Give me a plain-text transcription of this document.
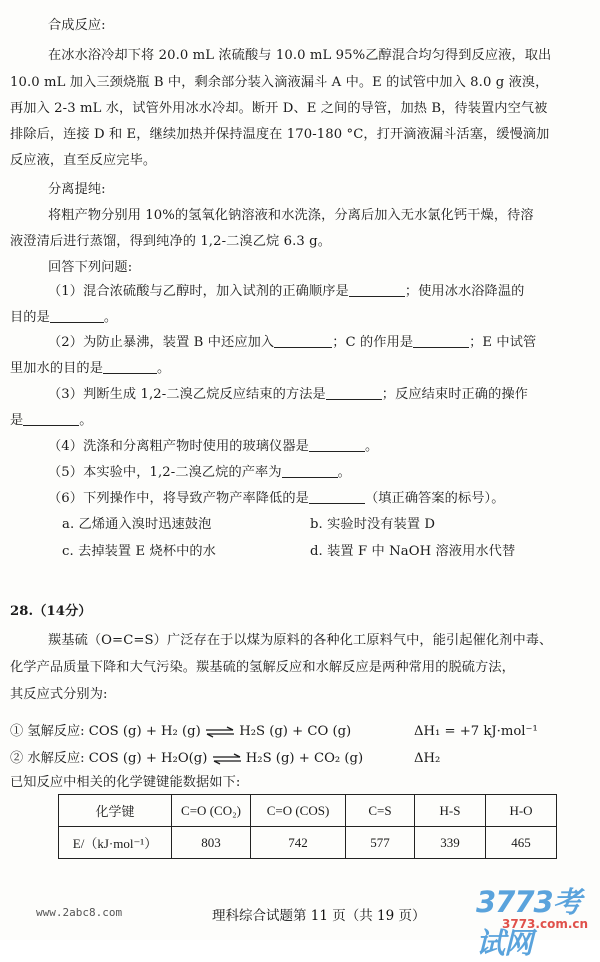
合成反应:
在冰水浴冷却下将 20.0 mL 浓硫酸与 10.0 mL 95%乙醇混合均匀得到反应液，取出
10.0 mL 加入三颈烧瓶 B 中，剩余部分装入滴液漏斗 A 中。E 的试管中加入 8.0 g 液溴，
再加入 2-3 mL 水，试管外用冰水冷却。断开 D、E 之间的导管，加热 B，待装置内空气被
排除后，连接 D 和 E，继续加热并保持温度在 170-180 °C，打开滴液漏斗活塞，缓慢滴加
反应液，直至反应完毕。
分离提纯:
将粗产物分别用 10%的氢氧化钠溶液和水洗涤，分离后加入无水氯化钙干燥，待溶
液澄清后进行蒸馏，得到纯净的 1,2-二溴乙烷 6.3 g。
回答下列问题:
（1）混合浓硫酸与乙醇时，加入试剂的正确顺序是	；使用冰水浴降温的
目的是	。
（2）为防止暴沸，装置 B 中还应加入	；C 的作用是	；E 中试管
里加水的目的是	。
（3）判断生成 1,2-二溴乙烷反应结束的方法是	；反应结束时正确的操作
是	。
（4）洗涤和分离粗产物时使用的玻璃仪器是	。
（5）本实验中，1,2-二溴乙烷的产率为	。
（6）下列操作中，将导致产物产率降低的是	（填正确答案的标号）。
a. 乙烯通入溴时迅速鼓泡	b. 实验时没有装置 D
c. 去掉装置 E 烧杯中的水	d. 装置 F 中 NaOH 溶液用水代替
28.（14分）
羰基硫（O=C=S）广泛存在于以煤为原料的各种化工原料气中，能引起催化剂中毒、
化学产品质量下降和大气污染。羰基硫的氢解反应和水解反应是两种常用的脱硫方法，
其反应式分别为:
① 氢解反应: COS (g) + H₂ (g) ⇌ H₂S (g) + CO (g)	ΔH₁ = +7 kJ·mol⁻¹
② 水解反应: COS (g) + H₂O(g) ⇌ H₂S (g) + CO₂ (g)	ΔH₂
已知反应中相关的化学键键能数据如下:
化学键	C=O (CO₂)	C=O (COS)	C=S	H-S	H-O
E/（kJ·mol⁻¹）	803	742	577	339	465
www.2abc8.com	理科综合试题第 11 页（共 19 页） 3773考试网
3773.com.cn
